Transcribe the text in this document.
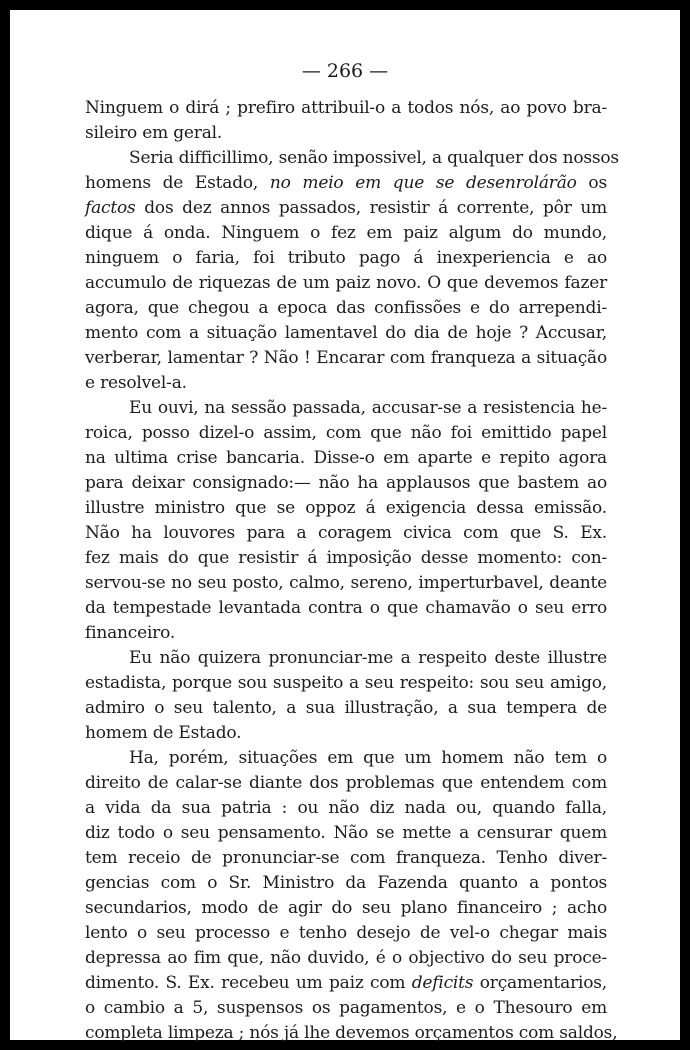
— 266 —
Ninguem o dirá ; prefiro attribuil-o a todos nós, ao povo bra-
sileiro em geral.
Seria difficillimo, senão impossivel, a qualquer dos nossos
homens de Estado, no meio em que se desenrolárão os
factos dos dez annos passados, resistir á corrente, pôr um
dique á onda. Ninguem o fez em paiz algum do mundo,
ninguem o faria, foi tributo pago á inexperiencia e ao
accumulo de riquezas de um paiz novo. O que devemos fazer
agora, que chegou a epoca das confissões e do arrependi-
mento com a situação lamentavel do dia de hoje ? Accusar,
verberar, lamentar ? Não ! Encarar com franqueza a situação
e resolvel-a.
Eu ouvi, na sessão passada, accusar-se a resistencia he-
roica, posso dizel-o assim, com que não foi emittido papel
na ultima crise bancaria. Disse-o em aparte e repito agora
para deixar consignado:— não ha applausos que bastem ao
illustre ministro que se oppoz á exigencia dessa emissão.
Não ha louvores para a coragem civica com que S. Ex.
fez mais do que resistir á imposição desse momento: con-
servou-se no seu posto, calmo, sereno, imperturbavel, deante
da tempestade levantada contra o que chamavão o seu erro
financeiro.
Eu não quizera pronunciar-me a respeito deste illustre
estadista, porque sou suspeito a seu respeito: sou seu amigo,
admiro o seu talento, a sua illustração, a sua tempera de
homem de Estado.
Ha, porém, situações em que um homem não tem o
direito de calar-se diante dos problemas que entendem com
a vida da sua patria : ou não diz nada ou, quando falla,
diz todo o seu pensamento. Não se mette a censurar quem
tem receio de pronunciar-se com franqueza. Tenho diver-
gencias com o Sr. Ministro da Fazenda quanto a pontos
secundarios, modo de agir do seu plano financeiro ; acho
lento o seu processo e tenho desejo de vel-o chegar mais
depressa ao fim que, não duvido, é o objectivo do seu proce-
dimento. S. Ex. recebeu um paiz com deficits orçamentarios,
o cambio a 5, suspensos os pagamentos, e o Thesouro em
completa limpeza ; nós já lhe devemos orçamentos com saldos,
